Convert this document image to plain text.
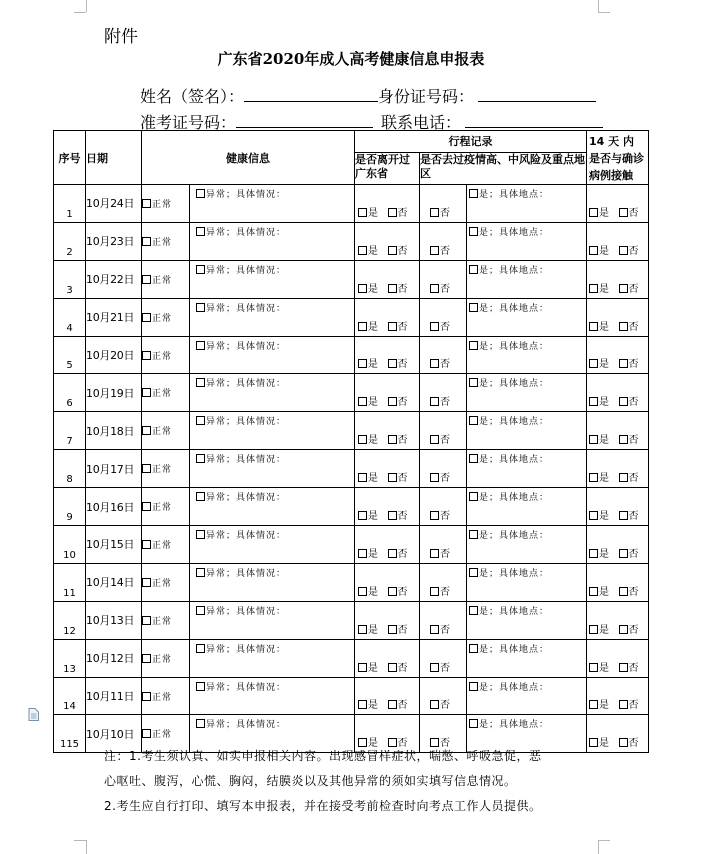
附件
广东省2020年成人高考健康信息申报表
姓名（签名）：	身份证号码：
准考证号码：	联系电话：
序号	日期	健康信息		行程记录			14 天 内 是否与确诊病例接触
				是否离开过广东省	是否去过疫情高、中风险及重点地区		
1	10月24日	正常	异常；具体情况：	是 否	否	是；具体地点：	是 否
2	10月23日	正常	异常；具体情况：	是 否	否	是；具体地点：	是 否
3	10月22日	正常	异常；具体情况：	是 否	否	是；具体地点：	是 否
4	10月21日	正常	异常；具体情况：	是 否	否	是；具体地点：	是 否
5	10月20日	正常	异常；具体情况：	是 否	否	是；具体地点：	是 否
6	10月19日	正常	异常；具体情况：	是 否	否	是；具体地点：	是 否
7	10月18日	正常	异常；具体情况：	是 否	否	是；具体地点：	是 否
8	10月17日	正常	异常；具体情况：	是 否	否	是；具体地点：	是 否
9	10月16日	正常	异常；具体情况：	是 否	否	是；具体地点：	是 否
10	10月15日	正常	异常；具体情况：	是 否	否	是；具体地点：	是 否
11	10月14日	正常	异常；具体情况：	是 否	否	是；具体地点：	是 否
12	10月13日	正常	异常；具体情况：	是 否	否	是；具体地点：	是 否
13	10月12日	正常	异常；具体情况：	是 否	否	是；具体地点：	是 否
14	10月11日	正常	异常；具体情况：	是 否	否	是；具体地点：	是 否
115	10月10日	正常	异常；具体情况：	是 否	否	是；具体地点：	是 否
注：1.考生须认真、如实申报相关内容。出现感冒样症状，喘憋、呼吸急促，恶
心呕吐、腹泻，心慌、胸闷，结膜炎以及其他异常的须如实填写信息情况。
2.考生应自行打印、填写本申报表，并在接受考前检查时向考点工作人员提供。
